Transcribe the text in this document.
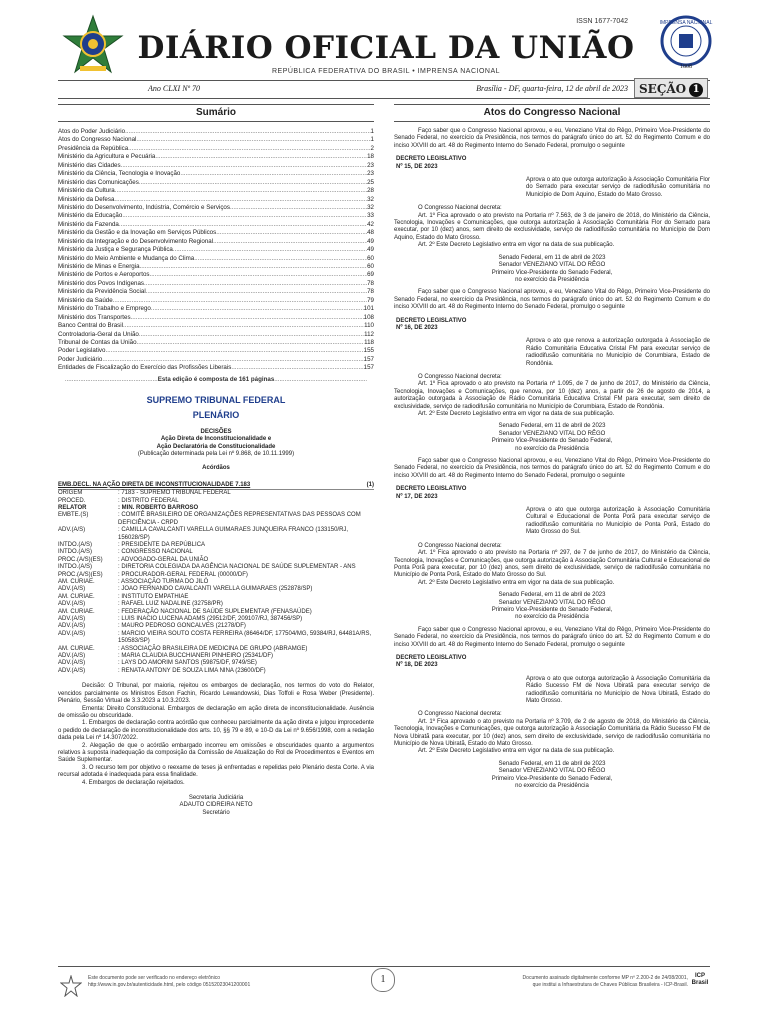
ISSN 1677-7042
DIÁRIO OFICIAL DA UNIÃO
REPÚBLICA FEDERATIVA DO BRASIL • IMPRENSA NACIONAL
IMPRENSA NACIONAL
1808
Ano CLXI Nº 70	Brasília - DF, quarta-feira, 12 de abril de 2023 SEÇÃO 1
Sumário
Atos do Poder Judiciário .....	1
Atos do Congresso Nacional .....	1
Presidência da República .....	2
Ministério da Agricultura e Pecuária .....	18
Ministério das Cidades .....	23
Ministério da Ciência, Tecnologia e Inovação .....	23
Ministério das Comunicações .....	25
Ministério da Cultura .....	28
Ministério da Defesa .....	32
Ministério do Desenvolvimento, Indústria, Comércio e Serviços .....	32
Ministério da Educação .....	33
Ministério da Fazenda .....	42
Ministério da Gestão e da Inovação em Serviços Públicos .....	48
Ministério da Integração e do Desenvolvimento Regional .....	49
Ministério da Justiça e Segurança Pública .....	49
Ministério do Meio Ambiente e Mudança do Clima .....	60
Ministério de Minas e Energia .....	60
Ministério de Portos e Aeroportos .....	69
Ministério dos Povos Indígenas .....	78
Ministério da Previdência Social .....	78
Ministério da Saúde .....	79
Ministério do Trabalho e Emprego .....	101
Ministério dos Transportes .....	108
Banco Central do Brasil .....	110
Controladoria-Geral da União .....	112
Tribunal de Contas da União .....	118
Poder Legislativo .....	155
Poder Judiciário .....	157
Entidades de Fiscalização do Exercício das Profissões Liberais .....	157
......................................................Esta edição é composta de 161 páginas......................................................
SUPREMO TRIBUNAL FEDERAL
PLENÁRIO
DECISÕES
Ação Direta de Inconstitucionalidade e
Ação Declaratória de Constitucionalidade
(Publicação determinada pela Lei nº 9.868, de 10.11.1999)
Acórdãos
EMB.DECL. NA AÇÃO DIRETA DE INCONSTITUCIONALIDADE 7.183	(1)
ORIGEM	: 7183 - SUPREMO TRIBUNAL FEDERAL
PROCED.	: DISTRITO FEDERAL
RELATOR	: MIN. ROBERTO BARROSO
EMBTE.(S)	: COMITÊ BRASILEIRO DE ORGANIZAÇÕES REPRESENTATIVAS DAS PESSOAS COM DEFICIÊNCIA - CRPD
ADV.(A/S)	: CAMILLA CAVALCANTI VARELLA GUIMARAES JUNQUEIRA FRANCO (133150/RJ, 156028/SP)
INTDO.(A/S)	: PRESIDENTE DA REPÚBLICA
INTDO.(A/S)	: CONGRESSO NACIONAL
PROC.(A/S)(ES)	: ADVOGADO-GERAL DA UNIÃO
INTDO.(A/S)	: DIRETORIA COLEGIADA DA AGÊNCIA NACIONAL DE SAÚDE SUPLEMENTAR - ANS
PROC.(A/S)(ES)	: PROCURADOR-GERAL FEDERAL (00000/DF)
AM. CURIAE.	: ASSOCIAÇÃO TURMA DO JILÓ
ADV.(A/S)	: JOAO FERNANDO CAVALCANTI VARELLA GUIMARAES (252878/SP)
AM. CURIAE.	: INSTITUTO EMPATHIAE
ADV.(A/S)	: RAFAEL LUIZ NADALINE (32758/PR)
AM. CURIAE.	: FEDERAÇÃO NACIONAL DE SAÚDE SUPLEMENTAR (FENASAÚDE)
ADV.(A/S)	: LUIS INACIO LUCENA ADAMS (29512/DF, 209107/RJ, 387456/SP)
ADV.(A/S)	: MAURO PEDROSO GONCALVES (21278/DF)
ADV.(A/S)	: MARCIO VIEIRA SOUTO COSTA FERREIRA (86464/DF, 177504/MG, 59384/RJ, 64481A/RS, 150583/SP)
AM. CURIAE.	: ASSOCIAÇÃO BRASILEIRA DE MEDICINA DE GRUPO (ABRAMGE)
ADV.(A/S)	: MARIA CLAUDIA BUCCHIANERI PINHEIRO (25341/DF)
ADV.(A/S)	: LAYS DO AMORIM SANTOS (59875/DF, 9749/SE)
ADV.(A/S)	: RENATA ANTONY DE SOUZA LIMA NINA (23600/DF)
Decisão: O Tribunal, por maioria, rejeitou os embargos de declaração, nos termos do voto do Relator, vencidos parcialmente os Ministros Edson Fachin, Ricardo Lewandowski, Dias Toffoli e Rosa Weber (Presidente). Plenário, Sessão Virtual de 3.3.2023 a 10.3.2023.
Ementa: Direito Constitucional. Embargos de declaração em ação direta de inconstitucionalidade. Ausência de omissão ou obscuridade.
1. Embargos de declaração contra acórdão que conheceu parcialmente da ação direta e julgou improcedente o pedido de declaração de inconstitucionalidade dos arts. 10, §§ 79 e 89, e 10-D da Lei nº 9.656/1998, com a redação dada pela Lei nº 14.307/2022.
2. Alegação de que o acórdão embargado incorreu em omissões e obscuridades quanto a argumentos relativos à suposta inadequação da composição da Comissão de Atualização do Rol de Procedimentos e Eventos em Saúde Suplementar.
3. O recurso tem por objetivo o reexame de teses já enfrentadas e repelidas pelo Plenário desta Corte. A via recursal adotada é inadequada para essa finalidade.
4. Embargos de declaração rejeitados.
Secretaria Judiciária
ADAUTO CIDREIRA NETO
Secretário
Atos do Congresso Nacional
Faço saber que o Congresso Nacional aprovou, e eu, Veneziano Vital do Rêgo, Primeiro Vice-Presidente do Senado Federal, no exercício da Presidência, nos termos do parágrafo único do art. 52 do Regimento Comum e do inciso XXVIII do art. 48 do Regimento Interno do Senado Federal, promulgo o seguinte
DECRETO LEGISLATIVO
Nº 15, DE 2023
Aprova o ato que outorga autorização à Associação Comunitária Flor do Serrado para executar serviço de radiodifusão comunitária no Município de Dom Aquino, Estado do Mato Grosso.
O Congresso Nacional decreta:
Art. 1º Fica aprovado o ato previsto na Portaria nº 7.563, de 3 de janeiro de 2018, do Ministério da Ciência, Tecnologia, Inovações e Comunicações, que outorga autorização à Associação Comunitária Flor do Serrado para executar, por 10 (dez) anos, sem direito de exclusividade, serviço de radiodifusão comunitária no Município de Dom Aquino, Estado do Mato Grosso.
Art. 2º Este Decreto Legislativo entra em vigor na data de sua publicação.
Senado Federal, em 11 de abril de 2023
Senador VENEZIANO VITAL DO RÊGO
Primeiro Vice-Presidente do Senado Federal,
no exercício da Presidência
Faço saber que o Congresso Nacional aprovou, e eu, Veneziano Vital do Rêgo, Primeiro Vice-Presidente do Senado Federal, no exercício da Presidência, nos termos do parágrafo único do art. 52 do Regimento Comum e do inciso XXVIII do art. 48 do Regimento Interno do Senado Federal, promulgo o seguinte
DECRETO LEGISLATIVO
Nº 16, DE 2023
Aprova o ato que renova a autorização outorgada à Associação de Rádio Comunitária Educativa Cristal FM para executar serviço de radiodifusão comunitária no Município de Corumbiara, Estado de Rondônia.
O Congresso Nacional decreta:
Art. 1º Fica aprovado o ato previsto na Portaria nº 1.095, de 7 de junho de 2017, do Ministério da Ciência, Tecnologia, Inovações e Comunicações, que renova, por 10 (dez) anos, a partir de 26 de agosto de 2014, a autorização outorgada à Associação de Rádio Comunitária Educativa Cristal FM para executar, sem direito de exclusividade, serviço de radiodifusão comunitária no Município de Corumbiara, Estado de Rondônia.
Art. 2º Este Decreto Legislativo entra em vigor na data de sua publicação.
Senado Federal, em 11 de abril de 2023
Senador VENEZIANO VITAL DO RÊGO
Primeiro Vice-Presidente do Senado Federal,
no exercício da Presidência
Faço saber que o Congresso Nacional aprovou, e eu, Veneziano Vital do Rêgo, Primeiro Vice-Presidente do Senado Federal, no exercício da Presidência, nos termos do parágrafo único do art. 52 do Regimento Comum e do inciso XXVIII do art. 48 do Regimento Interno do Senado Federal, promulgo o seguinte
DECRETO LEGISLATIVO
Nº 17, DE 2023
Aprova o ato que outorga autorização à Associação Comunitária Cultural e Educacional de Ponta Porã para executar serviço de radiodifusão comunitária no Município de Ponta Porã, Estado do Mato Grosso do Sul.
O Congresso Nacional decreta:
Art. 1º Fica aprovado o ato previsto na Portaria nº 297, de 7 de junho de 2017, do Ministério da Ciência, Tecnologia, Inovações e Comunicações, que outorga autorização à Associação Comunitária Cultural e Educacional de Ponta Porã para executar, por 10 (dez) anos, sem direito de exclusividade, serviço de radiodifusão comunitária no Município de Ponta Porã, Estado do Mato Grosso do Sul.
Art. 2º Este Decreto Legislativo entra em vigor na data de sua publicação.
Senado Federal, em 11 de abril de 2023
Senador VENEZIANO VITAL DO RÊGO
Primeiro Vice-Presidente do Senado Federal,
no exercício da Presidência
Faço saber que o Congresso Nacional aprovou, e eu, Veneziano Vital do Rêgo, Primeiro Vice-Presidente do Senado Federal, no exercício da Presidência, nos termos do parágrafo único do art. 52 do Regimento Comum e do inciso XXVIII do art. 48 do Regimento Interno do Senado Federal, promulgo o seguinte
DECRETO LEGISLATIVO
Nº 18, DE 2023
Aprova o ato que outorga autorização à Associação Comunitária da Rádio Sucesso FM de Nova Ubiratã para executar serviço de radiodifusão comunitária no Município de Nova Ubiratã, Estado do Mato Grosso.
O Congresso Nacional decreta:
Art. 1º Fica aprovado o ato previsto na Portaria nº 3.709, de 2 de agosto de 2018, do Ministério da Ciência, Tecnologia, Inovações e Comunicações, que outorga autorização à Associação Comunitária da Rádio Sucesso FM de Nova Ubiratã para executar, por 10 (dez) anos, sem direito de exclusividade, serviço de radiodifusão comunitária no Município de Nova Ubiratã, Estado do Mato Grosso.
Art. 2º Este Decreto Legislativo entra em vigor na data de sua publicação.
Senado Federal, em 11 de abril de 2023
Senador VENEZIANO VITAL DO RÊGO
Primeiro Vice-Presidente do Senado Federal,
no exercício da Presidência
Este documento pode ser verificado no endereço eletrônico
http://www.in.gov.br/autenticidade.html, pelo código 05152023041200001
Documento assinado digitalmente conforme MP nº 2.200-2 de 24/08/2001,
que institui a Infraestrutura de Chaves Públicas Brasileira - ICP-Brasil.
ICP Brasil
1
